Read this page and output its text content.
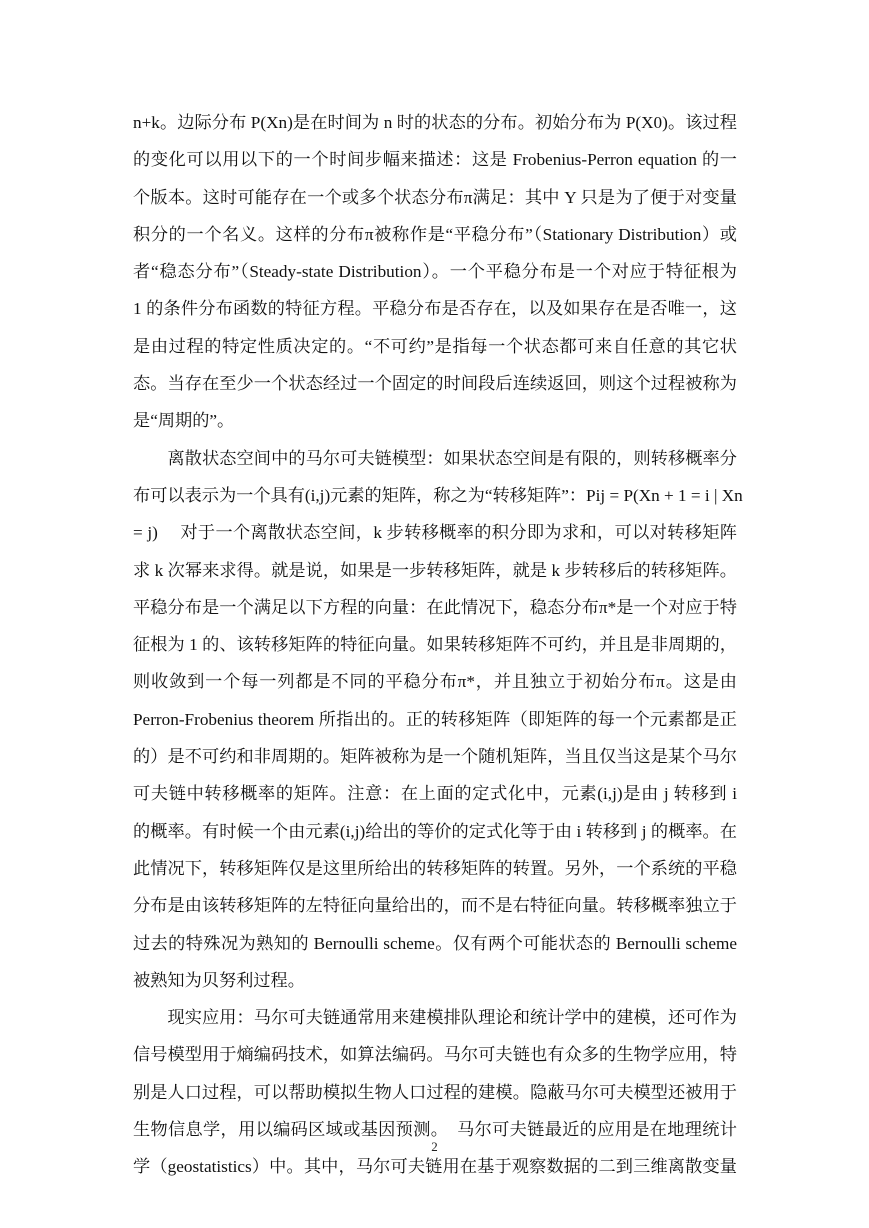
n+k。边际分布 P(Xn)是在时间为 n 时的状态的分布。初始分布为 P(X0)。该过程
的变化可以用以下的一个时间步幅来描述：这是 Frobenius-Perron equation 的一
个版本。这时可能存在一个或多个状态分布π满足：其中 Y 只是为了便于对变量
积分的一个名义。这样的分布π被称作是“平稳分布”（Stationary Distribution）或
者“稳态分布”（Steady-state Distribution）。一个平稳分布是一个对应于特征根为
1 的条件分布函数的特征方程。平稳分布是否存在，以及如果存在是否唯一，这
是由过程的特定性质决定的。“不可约”是指每一个状态都可来自任意的其它状
态。当存在至少一个状态经过一个固定的时间段后连续返回，则这个过程被称为
是“周期的”。
　　离散状态空间中的马尔可夫链模型：如果状态空间是有限的，则转移概率分
布可以表示为一个具有(i,j)元素的矩阵，称之为“转移矩阵”：Pij = P(Xn + 1 = i | Xn
= j)　 对于一个离散状态空间，k 步转移概率的积分即为求和，可以对转移矩阵
求 k 次幂来求得。就是说，如果是一步转移矩阵，就是 k 步转移后的转移矩阵。
平稳分布是一个满足以下方程的向量：在此情况下，稳态分布π*是一个对应于特
征根为 1 的、该转移矩阵的特征向量。如果转移矩阵不可约，并且是非周期的，
则收敛到一个每一列都是不同的平稳分布π*，并且独立于初始分布π。这是由
Perron-Frobenius theorem 所指出的。正的转移矩阵（即矩阵的每一个元素都是正
的）是不可约和非周期的。矩阵被称为是一个随机矩阵，当且仅当这是某个马尔
可夫链中转移概率的矩阵。注意：在上面的定式化中，元素(i,j)是由 j 转移到 i
的概率。有时候一个由元素(i,j)给出的等价的定式化等于由 i 转移到 j 的概率。在
此情况下，转移矩阵仅是这里所给出的转移矩阵的转置。另外，一个系统的平稳
分布是由该转移矩阵的左特征向量给出的，而不是右特征向量。转移概率独立于
过去的特殊况为熟知的 Bernoulli scheme。仅有两个可能状态的 Bernoulli scheme
被熟知为贝努利过程。
　　现实应用：马尔可夫链通常用来建模排队理论和统计学中的建模，还可作为
信号模型用于熵编码技术，如算法编码。马尔可夫链也有众多的生物学应用，特
别是人口过程，可以帮助模拟生物人口过程的建模。隐蔽马尔可夫模型还被用于
生物信息学，用以编码区域或基因预测。　马尔可夫链最近的应用是在地理统计
学（geostatistics）中。其中，马尔可夫链用在基于观察数据的二到三维离散变量
2
